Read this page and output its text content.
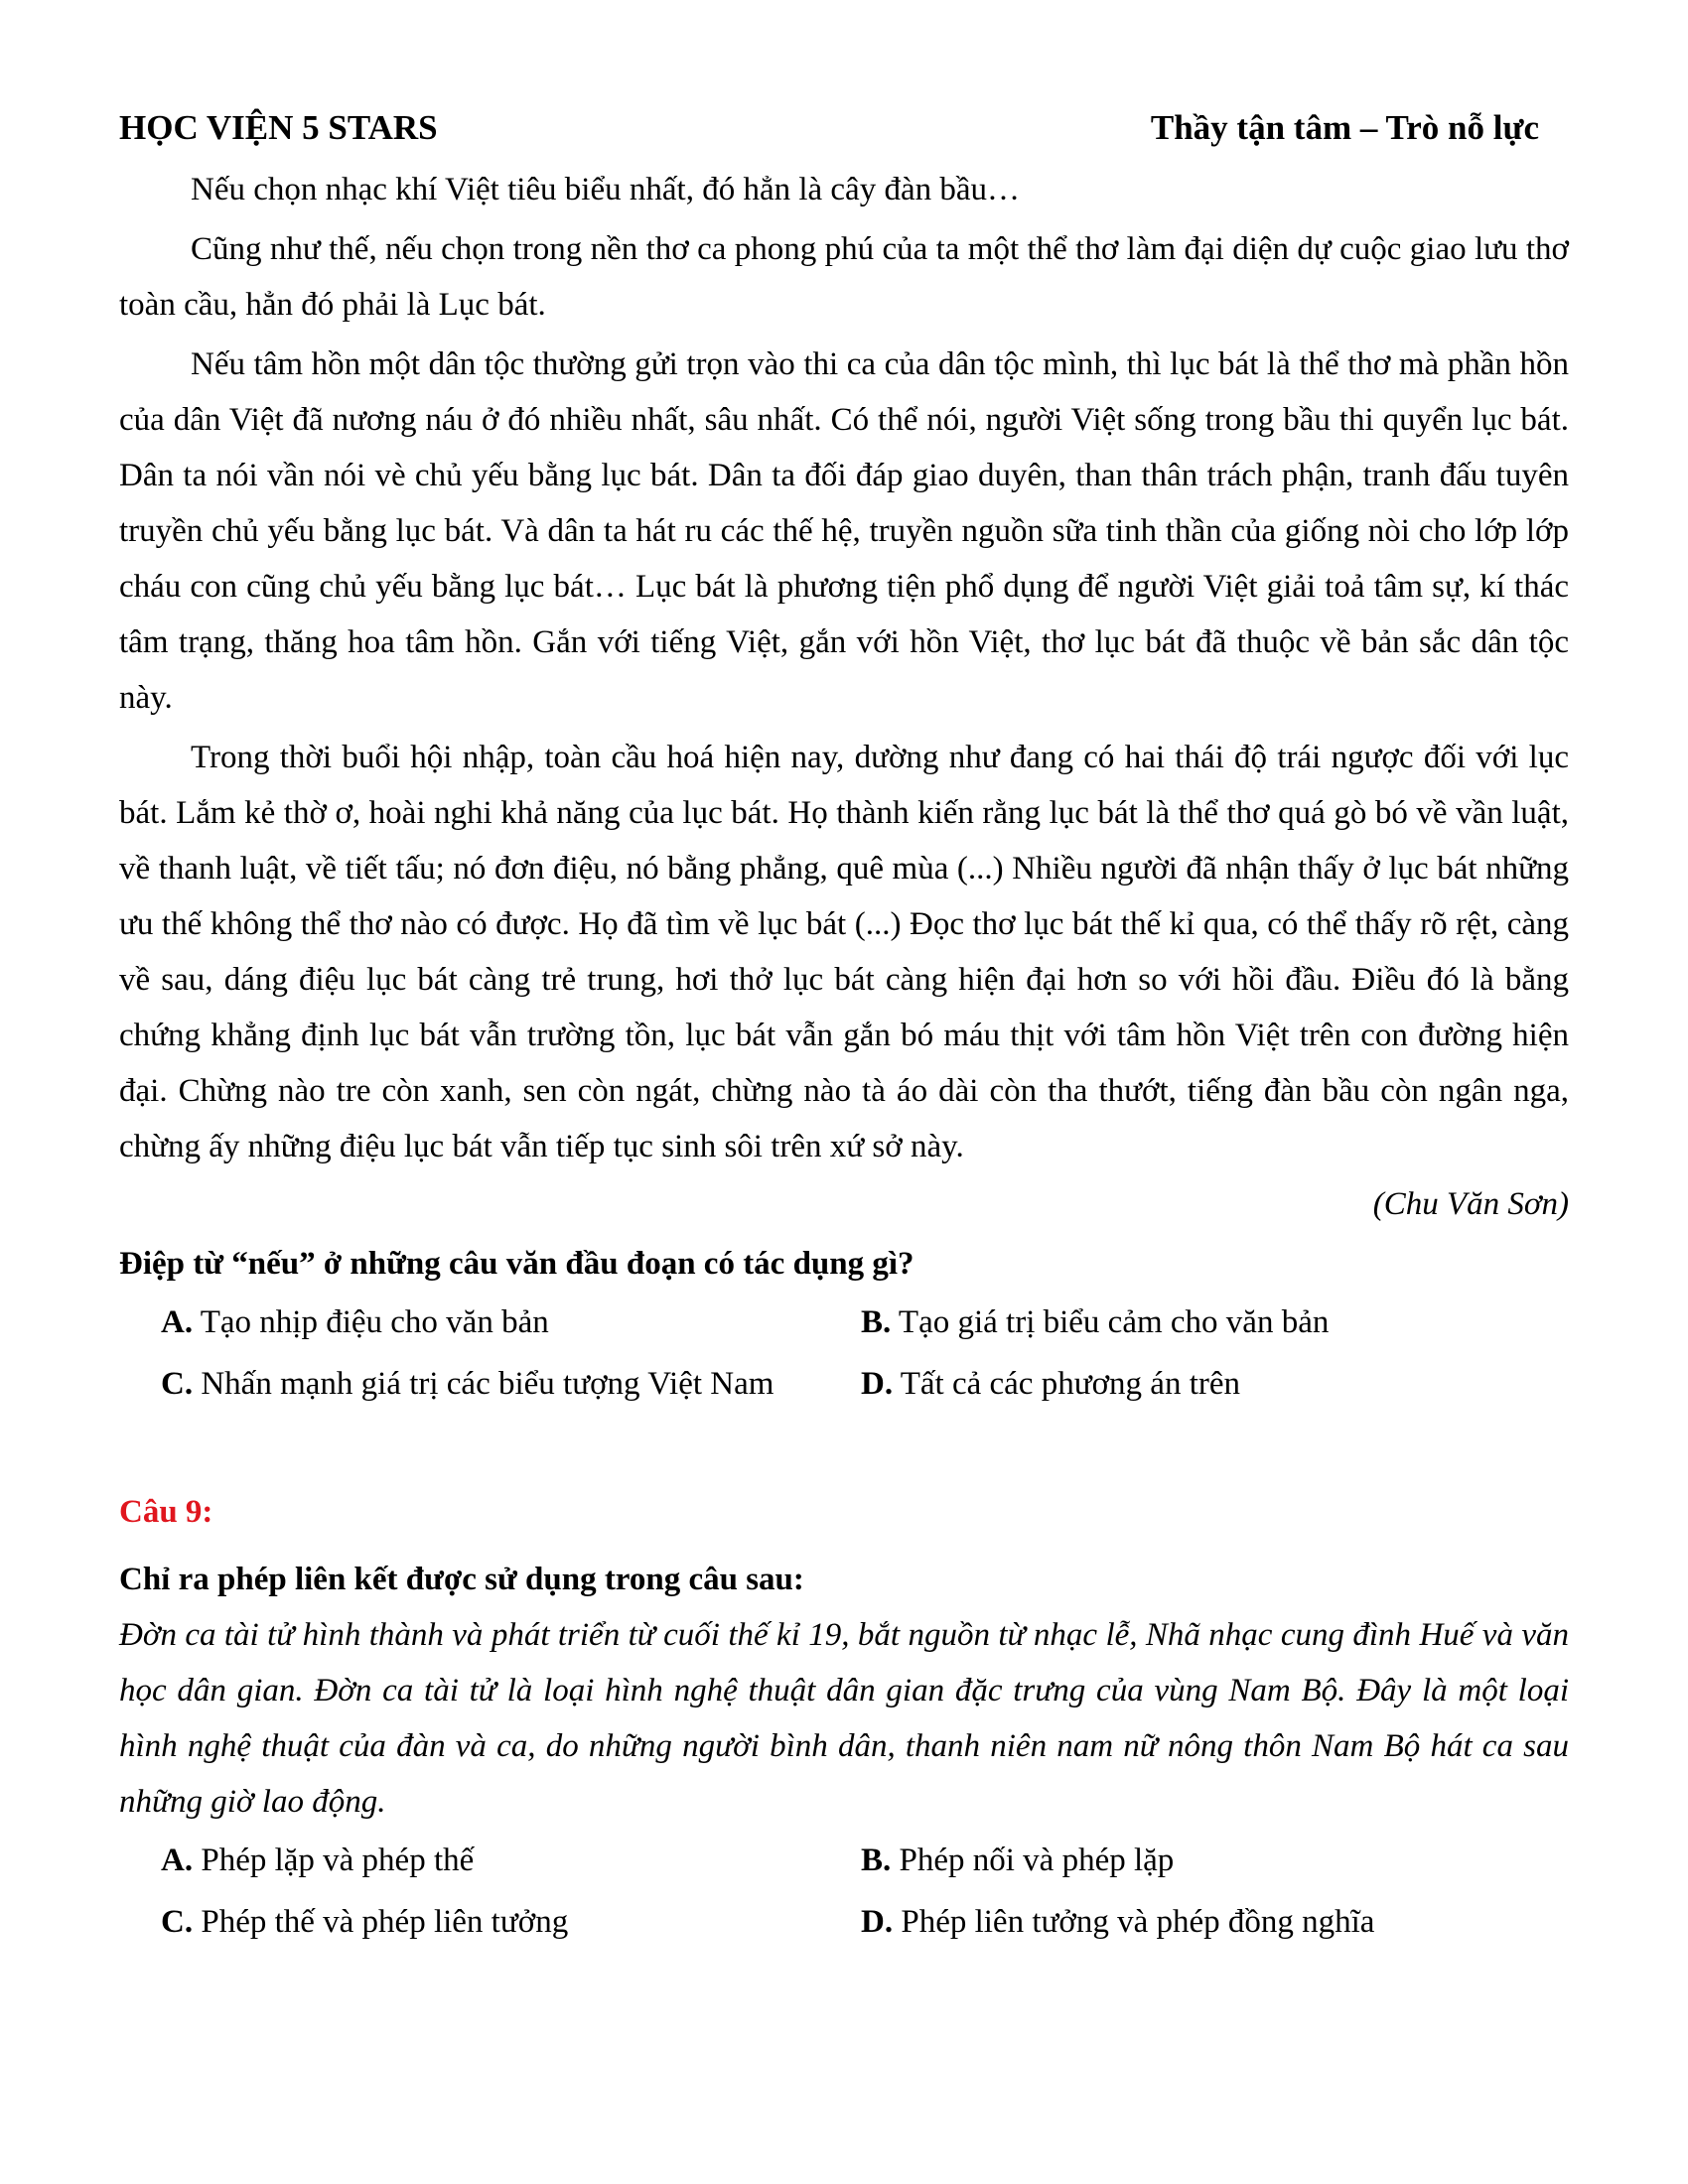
HỌC VIỆN 5 STARS	Thầy tận tâm – Trò nỗ lực

Nếu chọn nhạc khí Việt tiêu biểu nhất, đó hẳn là cây đàn bầu…

Cũng như thế, nếu chọn trong nền thơ ca phong phú của ta một thể thơ làm đại diện dự cuộc giao lưu thơ toàn cầu, hẳn đó phải là Lục bát.

Nếu tâm hồn một dân tộc thường gửi trọn vào thi ca của dân tộc mình, thì lục bát là thể thơ mà phần hồn của dân Việt đã nương náu ở đó nhiều nhất, sâu nhất. Có thể nói, người Việt sống trong bầu thi quyển lục bát. Dân ta nói vần nói vè chủ yếu bằng lục bát. Dân ta đối đáp giao duyên, than thân trách phận, tranh đấu tuyên truyền chủ yếu bằng lục bát. Và dân ta hát ru các thế hệ, truyền nguồn sữa tinh thần của giống nòi cho lớp lớp cháu con cũng chủ yếu bằng lục bát… Lục bát là phương tiện phổ dụng để người Việt giải toả tâm sự, kí thác tâm trạng, thăng hoa tâm hồn. Gắn với tiếng Việt, gắn với hồn Việt, thơ lục bát đã thuộc về bản sắc dân tộc này.

Trong thời buổi hội nhập, toàn cầu hoá hiện nay, dường như đang có hai thái độ trái ngược đối với lục bát. Lắm kẻ thờ ơ, hoài nghi khả năng của lục bát. Họ thành kiến rằng lục bát là thể thơ quá gò bó về vần luật, về thanh luật, về tiết tấu; nó đơn điệu, nó bằng phẳng, quê mùa (...) Nhiều người đã nhận thấy ở lục bát những ưu thế không thể thơ nào có được. Họ đã tìm về lục bát (...) Đọc thơ lục bát thế kỉ qua, có thể thấy rõ rệt, càng về sau, dáng điệu lục bát càng trẻ trung, hơi thở lục bát càng hiện đại hơn so với hồi đầu. Điều đó là bằng chứng khẳng định lục bát vẫn trường tồn, lục bát vẫn gắn bó máu thịt với tâm hồn Việt trên con đường hiện đại. Chừng nào tre còn xanh, sen còn ngát, chừng nào tà áo dài còn tha thướt, tiếng đàn bầu còn ngân nga, chừng ấy những điệu lục bát vẫn tiếp tục sinh sôi trên xứ sở này.

(Chu Văn Sơn)
Điệp từ “nếu” ở những câu văn đầu đoạn có tác dụng gì?
A. Tạo nhịp điệu cho văn bản	B. Tạo giá trị biểu cảm cho văn bản
C. Nhấn mạnh giá trị các biểu tượng Việt Nam	D. Tất cả các phương án trên
Câu 9:
Chỉ ra phép liên kết được sử dụng trong câu sau:

Đờn ca tài tử hình thành và phát triển từ cuối thế kỉ 19, bắt nguồn từ nhạc lễ, Nhã nhạc cung đình Huế và văn học dân gian. Đờn ca tài tử là loại hình nghệ thuật dân gian đặc trưng của vùng Nam Bộ. Đây là một loại hình nghệ thuật của đàn và ca, do những người bình dân, thanh niên nam nữ nông thôn Nam Bộ hát ca sau những giờ lao động.

A. Phép lặp và phép thế	B. Phép nối và phép lặp
C. Phép thế và phép liên tưởng	D. Phép liên tưởng và phép đồng nghĩa
